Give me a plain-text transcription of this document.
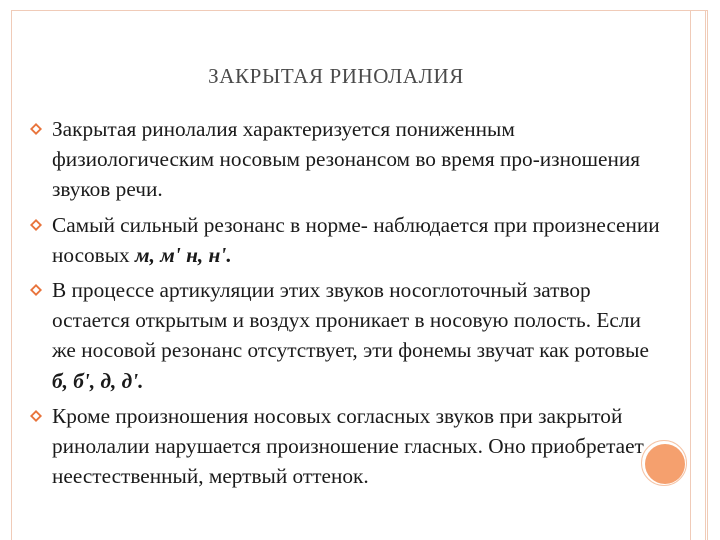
ЗАКРЫТАЯ РИНОЛАЛИЯ
Закрытая ринолалия характеризуется пониженным физиологическим носовым резонансом во время про-изношения звуков речи.
Самый сильный резонанс в норме- наблюдается при произнесении носовых м, м' н, н'.
В процессе артикуляции этих звуков носоглоточный затвор остается открытым и воздух проникает в носовую полость. Если же носовой резонанс отсутствует, эти фонемы звучат как ротовые б, б', д, д'.
Кроме произношения носовых согласных звуков при закрытой ринолалии нарушается произношение гласных. Оно приобретает неестественный, мертвый оттенок.
